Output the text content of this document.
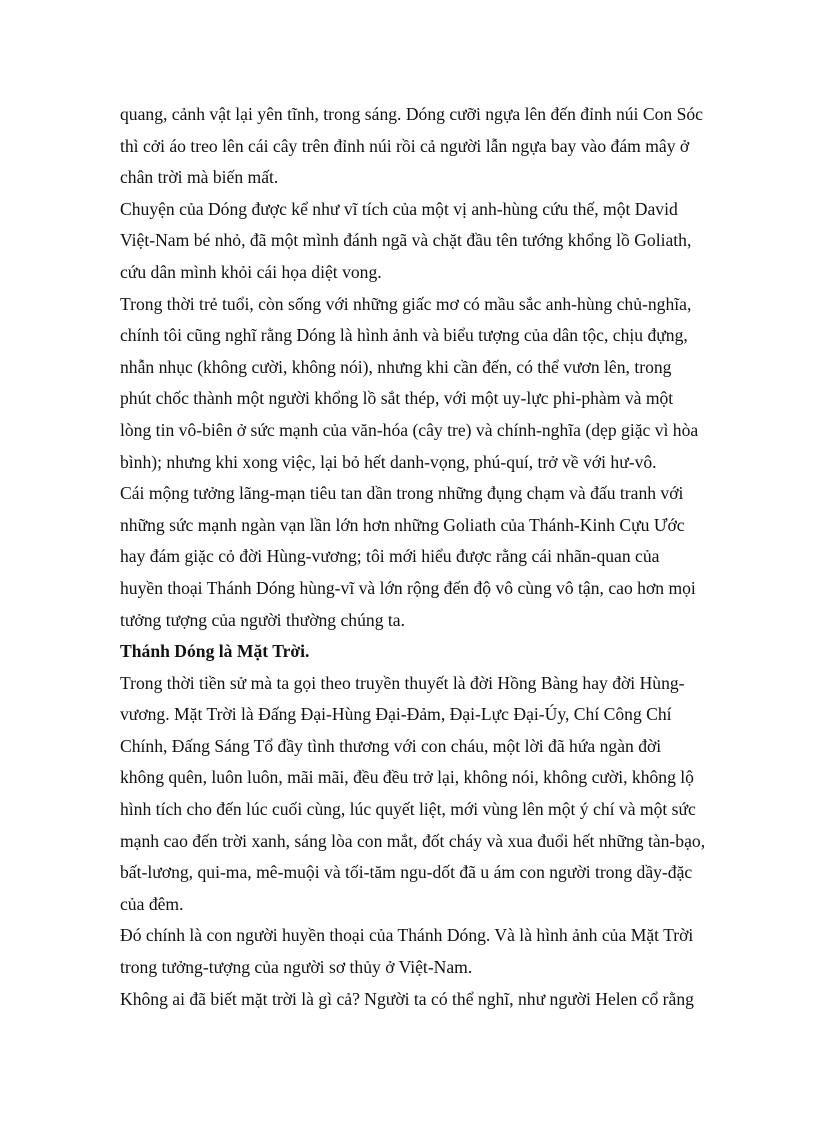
quang, cảnh vật lại yên tĩnh, trong sáng. Dóng cưỡi ngựa lên đến đỉnh núi Con Sóc
thì cởi áo treo lên cái cây trên đỉnh núi rồi cả người lẫn ngựa bay vào đám mây ở
chân trời mà biến mất.
Chuyện của Dóng được kể như vĩ tích của một vị anh-hùng cứu thế, một David
Việt-Nam bé nhỏ, đã một mình đánh ngã và chặt đầu tên tướng khổng lồ Goliath,
cứu dân mình khỏi cái họa diệt vong.
Trong thời trẻ tuổi, còn sống với những giấc mơ có mầu sắc anh-hùng chủ-nghĩa,
chính tôi cũng nghĩ rằng Dóng là hình ảnh và biểu tượng của dân tộc, chịu đựng,
nhẫn nhục (không cười, không nói), nhưng khi cần đến, có thể vươn lên, trong
phút chốc thành một người khổng lồ sắt thép, với một uy-lực phi-phàm và một
lòng tin vô-biên ở sức mạnh của văn-hóa (cây tre) và chính-nghĩa (dẹp giặc vì hòa
bình); nhưng khi xong việc, lại bỏ hết danh-vọng, phú-quí, trở về với hư-vô.
Cái mộng tưởng lãng-mạn tiêu tan dần trong những đụng chạm và đấu tranh với
những sức mạnh ngàn vạn lần lớn hơn những Goliath của Thánh-Kinh Cựu Ước
hay đám giặc cỏ đời Hùng-vương; tôi mới hiểu được rằng cái nhãn-quan của
huyền thoại Thánh Dóng hùng-vĩ và lớn rộng đến độ vô cùng vô tận, cao hơn mọi
tưởng tượng của người thường chúng ta.
Thánh Dóng là Mặt Trời.
Trong thời tiền sử mà ta gọi theo truyền thuyết là đời Hồng Bàng hay đời Hùng-
vương. Mặt Trời là Đấng Đại-Hùng Đại-Đảm, Đại-Lực Đại-Úy, Chí Công Chí
Chính, Đấng Sáng Tổ đầy tình thương với con cháu, một lời đã hứa ngàn đời
không quên, luôn luôn, mãi mãi, đều đều trở lại, không nói, không cười, không lộ
hình tích cho đến lúc cuối cùng, lúc quyết liệt, mới vùng lên một ý chí và một sức
mạnh cao đến trời xanh, sáng lòa con mắt, đốt cháy và xua đuổi hết những tàn-bạo,
bất-lương, qui-ma, mê-muội và tối-tăm ngu-dốt đã u ám con người trong dầy-đặc
của đêm.
Đó chính là con người huyền thoại của Thánh Dóng. Và là hình ảnh của Mặt Trời
trong tưởng-tượng của người sơ thủy ở Việt-Nam.
Không ai đã biết mặt trời là gì cả? Người ta có thể nghĩ, như người Helen cổ rằng
